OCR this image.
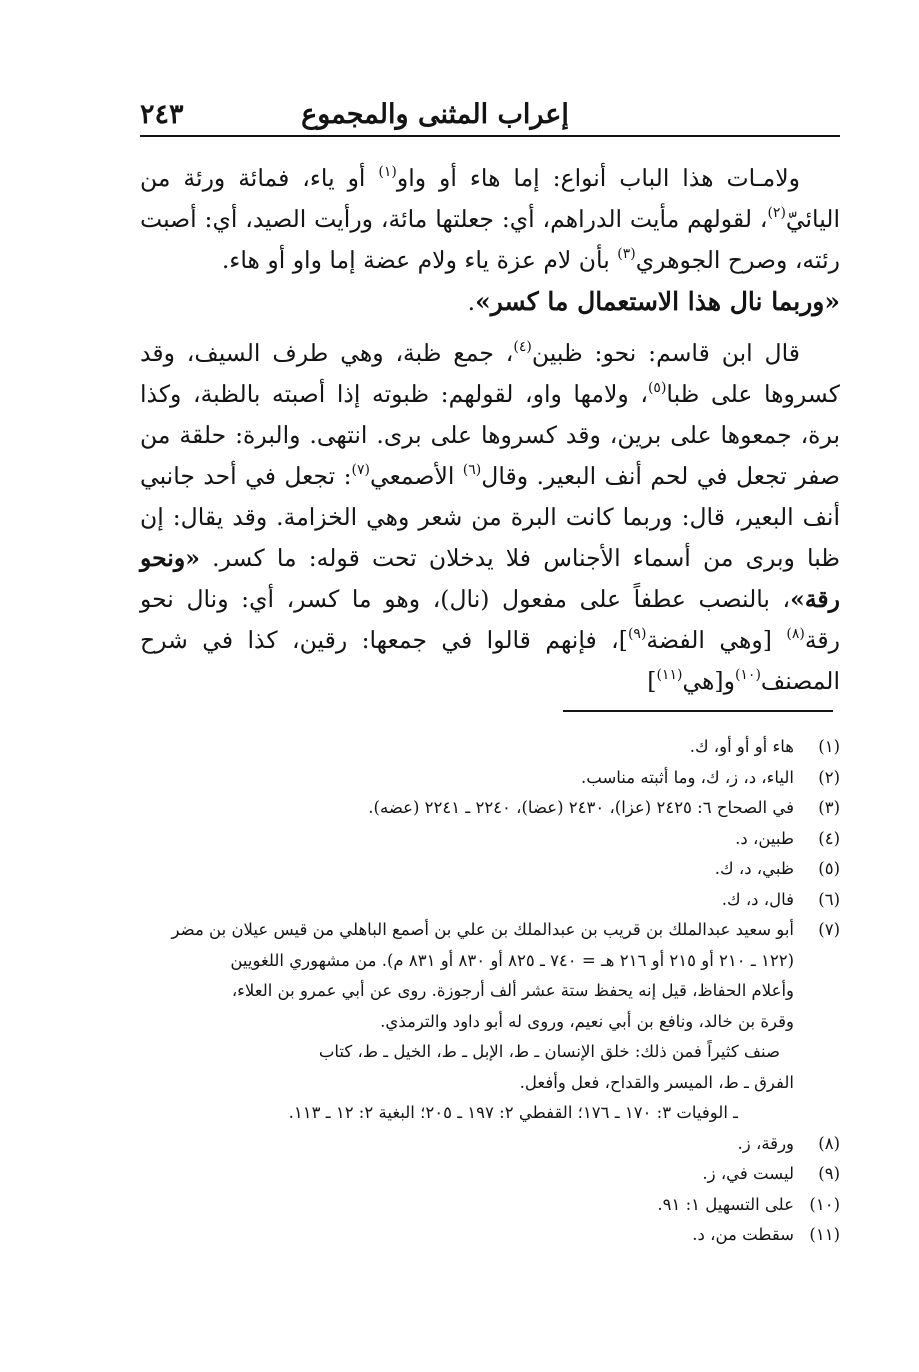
إعراب المثنى والمجموع
٢٤٣

ولامـات هذا الباب أنواع: إما هاء أو واو$^{(١)}$ أو ياء، فمائة ورئة من اليائيّ$^{(٢)}$، لقولهم مأيت الدراهم، أي: جعلتها مائة، ورأيت الصيد، أي: أصبت رئته، وصرح الجوهري$^{(٣)}$ بأن لام عزة ياء ولام عضة إما واو أو هاء.
«وربما نال هذا الاستعمال ما كسر».

قال ابن قاسم: نحو: ظبين$^{(٤)}$، جمع ظبة، وهي طرف السيف، وقد كسروها على ظبا$^{(٥)}$، ولامها واو، لقولهم: ظبوته إذا أصبته بالظبة، وكذا برة، جمعوها على برين، وقد كسروها على برى. انتهى. والبرة: حلقة من صفر تجعل في لحم أنف البعير. وقال$^{(٦)}$ الأصمعي$^{(٧)}$: تجعل في أحد جانبي أنف البعير، قال: وربما كانت البرة من شعر وهي الخزامة. وقد يقال: إن ظبا وبرى من أسماء الأجناس فلا يدخلان تحت قوله: ما كسر. «ونحو رقة»، بالنصب عطفاً على مفعول (نال)، وهو ما كسر، أي: ونال نحو رقة$^{(٨)}$ [وهي الفضة$^{(٩)}$]، فإنهم قالوا في جمعها: رقين، كذا في شرح المصنف$^{(١٠)}$و[هي$^{(١١)}$]

(١)
هاء أو أو أو، ك.
(٢)
الياء، د، ز، ك، وما أثبته مناسب.
(٣)
في الصحاح ٦: ٢٤٢٥ (عزا)، ٢٤٣٠ (عضا)، ٢٢٤٠ ـ ٢٢٤١ (عضه).
(٤)
طبين، د.
(٥)
ظبي، د، ك.
(٦)
فال، د، ك.
(٧)
أبو سعيد عبدالملك بن قريب بن عبدالملك بن علي بن أصمع الباهلي من قيس عيلان بن مضر
(١٢٢ ـ ٢١٠ أو ٢١٥ أو ٢١٦ هـ = ٧٤٠ ـ ٨٢٥ أو ٨٣٠ أو ٨٣١ م). من مشهوري اللغويين
وأعلام الحفاظ، قيل إنه يحفظ ستة عشر ألف أرجوزة. روى عن أبي عمرو بن العلاء،
وقرة بن خالد، ونافع بن أبي نعيم، وروى له أبو داود والترمذي.
صنف كثيراً فمن ذلك: خلق الإنسان ـ ط، الإبل ـ ط، الخيل ـ ط، كتاب
الفرق ـ ط، الميسر والقداح، فعل وأفعل.
ـ الوفيات ٣: ١٧٠ ـ ١٧٦؛ القفطي ٢: ١٩٧ ـ ٢٠٥؛ البغية ٢: ١٢ ـ ١١٣.
(٨)
ورقة، ز.
(٩)
ليست في، ز.
(١٠)
على التسهيل ١: ٩١.
(١١)
سقطت من، د.
